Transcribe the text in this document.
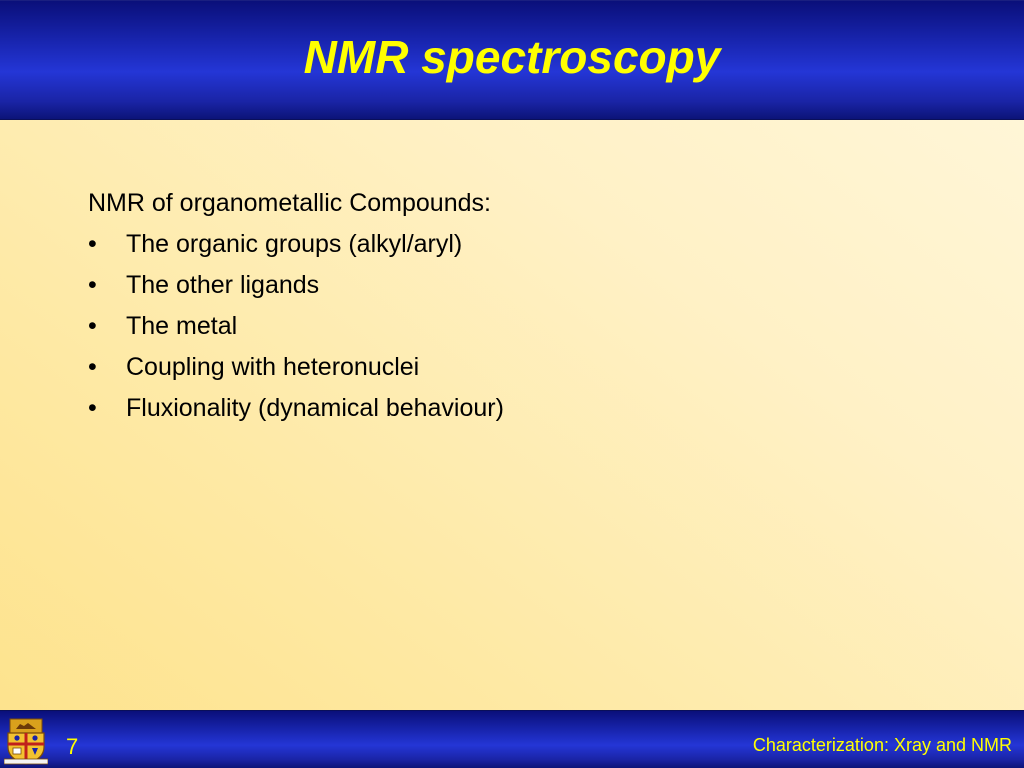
NMR spectroscopy

NMR of organometallic Compounds:

•	The organic groups (alkyl/aryl)
•	The other ligands
•	The metal
•	Coupling with heteronuclei
•	Fluxionality (dynamical behaviour)
7	Characterization: Xray and NMR
